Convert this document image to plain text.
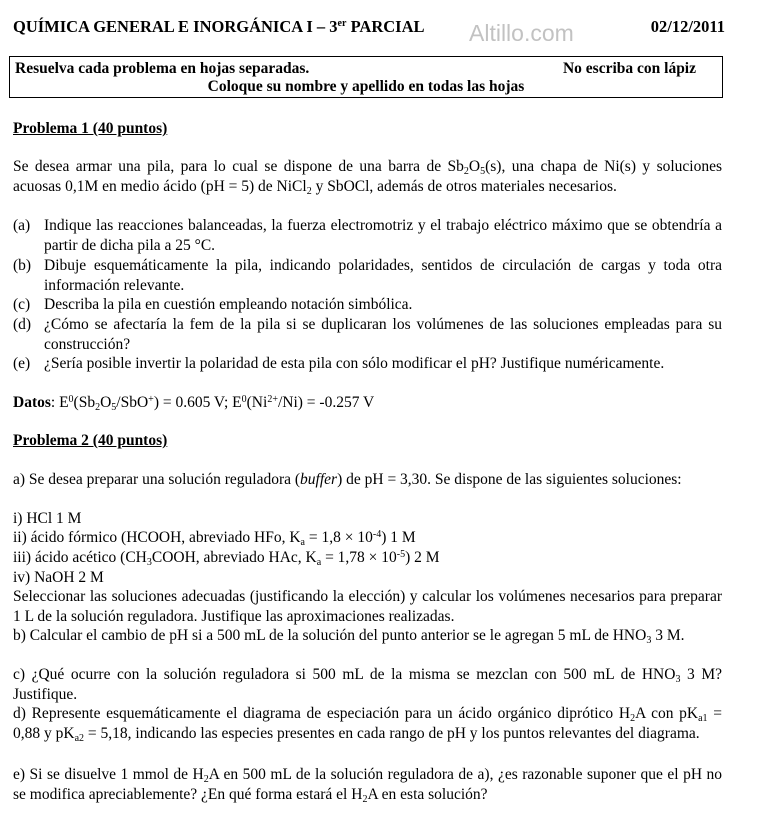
QUÍMICA GENERAL E INORGÁNICA I – 3er PARCIAL Altillo.com	02/12/2011
Resuelva cada problema en hojas separadas.	No escriba con lápiz
Coloque su nombre y apellido en todas las hojas
Problema 1 (40 puntos)
Se desea armar una pila, para lo cual se dispone de una barra de $Sb_2O_5(s)$, una chapa de Ni(s) y soluciones acuosas 0,1M en medio ácido (pH = 5) de NiCl$_2$ y SbOCl, además de otros materiales necesarios.
(a) Indique las reacciones balanceadas, la fuerza electromotriz y el trabajo eléctrico máximo que se obtendría a partir de dicha pila a 25 °C.
(b) Dibuje esquemáticamente la pila, indicando polaridades, sentidos de circulación de cargas y toda otra información relevante.
(c) Describa la pila en cuestión empleando notación simbólica.
(d) ¿Cómo se afectaría la fem de la pila si se duplicaran los volúmenes de las soluciones empleadas para su construcción?
(e) ¿Sería posible invertir la polaridad de esta pila con sólo modificar el pH? Justifique numéricamente.
Datos: $E^0(Sb_2O_5/SbO^+) = 0.605$ V; $E^0(Ni^{2+}/Ni) = -0.257$ V
Problema 2 (40 puntos)
a) Se desea preparar una solución reguladora (buffer) de pH = 3,30. Se dispone de las siguientes soluciones:
i) HCl 1 M
ii) ácido fórmico (HCOOH, abreviado HFo, $K_a = 1,8 \times 10^{-4}$) 1 M
iii) ácido acético ($CH_3COOH$, abreviado HAc, $K_a = 1,78 \times 10^{-5}$) 2 M
iv) NaOH 2 M
Seleccionar las soluciones adecuadas (justificando la elección) y calcular los volúmenes necesarios para preparar 1 L de la solución reguladora. Justifique las aproximaciones realizadas.
b) Calcular el cambio de pH si a 500 mL de la solución del punto anterior se le agregan 5 mL de $HNO_3$ 3 M.
c) ¿Qué ocurre con la solución reguladora si 500 mL de la misma se mezclan con 500 mL de $HNO_3$ 3 M? Justifique.
d) Represente esquemáticamente el diagrama de especiación para un ácido orgánico diprótico $H_2A$ con $pK_{a1} = 0,88$ y $pK_{a2} = 5,18$, indicando las especies presentes en cada rango de pH y los puntos relevantes del diagrama.
e) Si se disuelve 1 mmol de $H_2A$ en 500 mL de la solución reguladora de a), ¿es razonable suponer que el pH no se modifica apreciablemente? ¿En qué forma estará el $H_2A$ en esta solución?
